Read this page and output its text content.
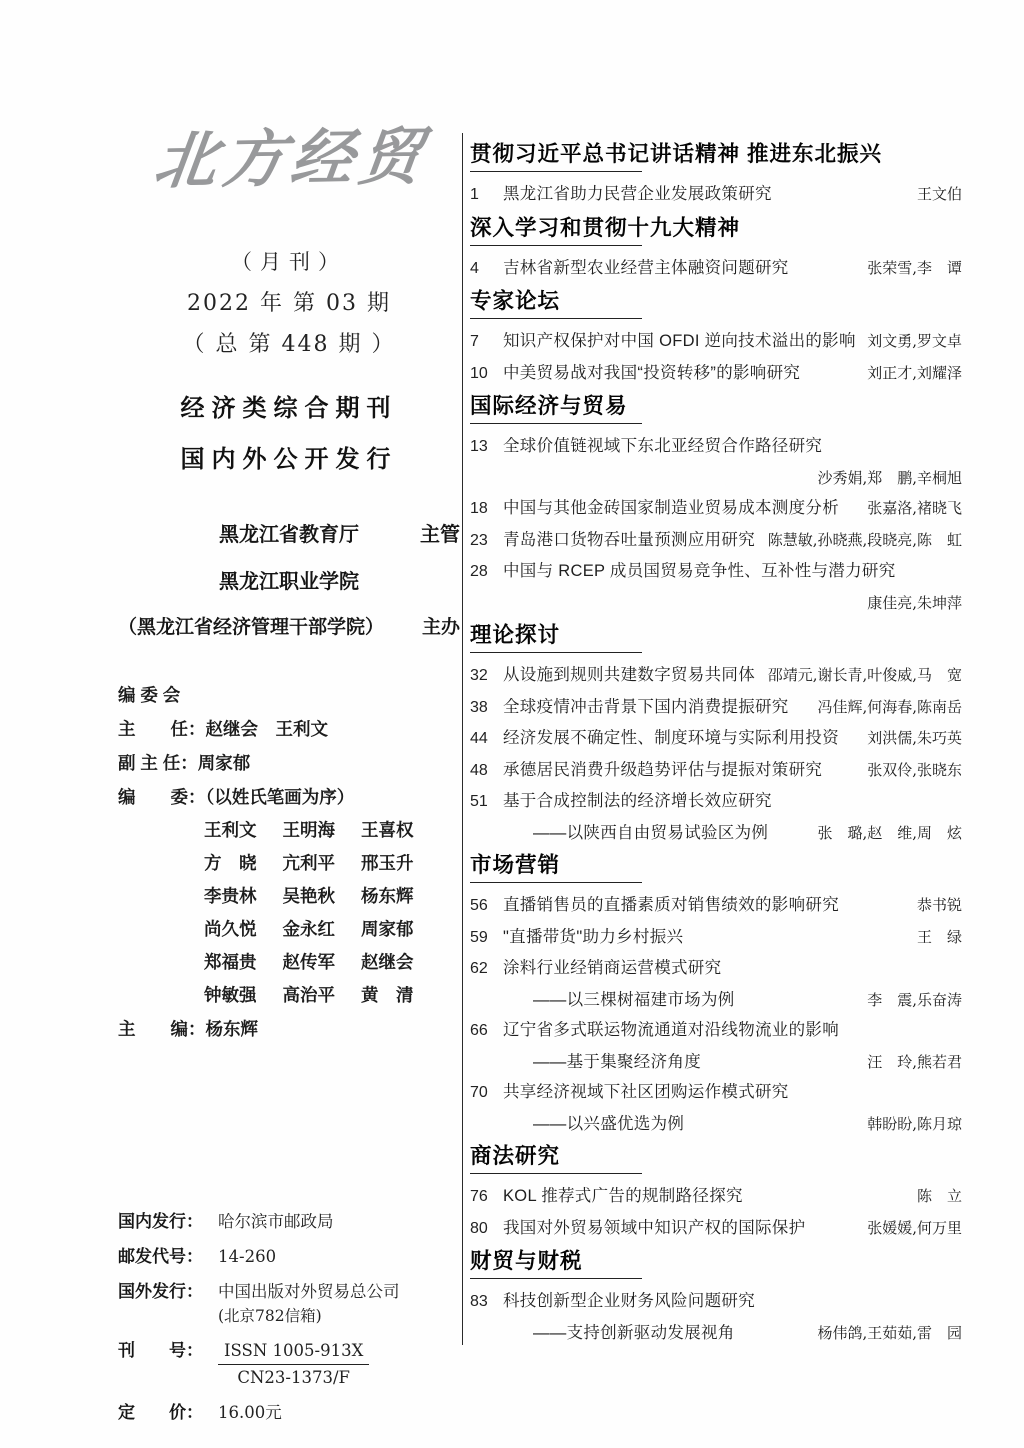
北方经贸
（月刊）
2022 年 第 03 期
（ 总 第 448 期 ）
经济类综合期刊
国内外公开发行
黑龙江省教育厅	主管
黑龙江职业学院
（黑龙江省经济管理干部学院） 主办
编 委 会
主　　任：赵继会　王利文
副 主 任：周家郁
编　　委：（以姓氏笔画为序）
王利文 王明海 王喜权
方　晓 亢利平 邢玉升
李贵林 吴艳秋 杨东辉
尚久悦 金永红 周家郁
郑福贵 赵传军 赵继会
钟敏强 高治平 黄　清
主　　编：杨东辉
国内发行： 哈尔滨市邮政局
邮发代号： 14-260
国外发行： 中国出版对外贸易总公司
(北京782信箱)
刊　　号： $\frac{\text{ISSN 1005-913X}}{CN23-1373/F}$
定　　价： 16.00元
贯彻习近平总书记讲话精神 推进东北振兴
1	黑龙江省助力民营企业发展政策研究	王文伯
深入学习和贯彻十九大精神
4	吉林省新型农业经营主体融资问题研究	张荣雪,李　谭
专家论坛
7	知识产权保护对中国 OFDI 逆向技术溢出的影响 刘文勇,罗文卓
10 中美贸易战对我国“投资转移”的影响研究	刘正才,刘耀泽
国际经济与贸易
13 全球价值链视域下东北亚经贸合作路径研究
沙秀娟,郑　鹏,辛桐旭
18 中国与其他金砖国家制造业贸易成本测度分析	张嘉洛,褚晓飞
23 青岛港口货物吞吐量预测应用研究 陈慧敏,孙晓燕,段晓亮,陈　虹
28 中国与 RCEP 成员国贸易竞争性、互补性与潜力研究
康佳亮,朱坤萍
理论探讨
32 从设施到规则共建数字贸易共同体 邵靖元,谢长青,叶俊威,马　宽
38 全球疫情冲击背景下国内消费提振研究	冯佳辉,何海春,陈南岳
44 经济发展不确定性、制度环境与实际利用投资	刘洪儒,朱巧英
48 承德居民消费升级趋势评估与提振对策研究	张双伶,张晓东
51 基于合成控制法的经济增长效应研究
——以陕西自由贸易试验区为例	张　璐,赵　维,周　炫
市场营销
56 直播销售员的直播素质对销售绩效的影响研究	恭书锐
59 "直播带货"助力乡村振兴	王　绿
62 涂料行业经销商运营模式研究
——以三棵树福建市场为例	李　震,乐奋涛
66 辽宁省多式联运物流通道对沿线物流业的影响
——基于集聚经济角度	汪　玲,熊若君
70 共享经济视域下社区团购运作模式研究
——以兴盛优选为例	韩盼盼,陈月琼
商法研究
76 KOL 推荐式广告的规制路径探究	陈　立
80 我国对外贸易领域中知识产权的国际保护	张媛媛,何万里
财贸与财税
83 科技创新型企业财务风险问题研究
——支持创新驱动发展视角	杨伟鸽,王茹茹,雷　园
